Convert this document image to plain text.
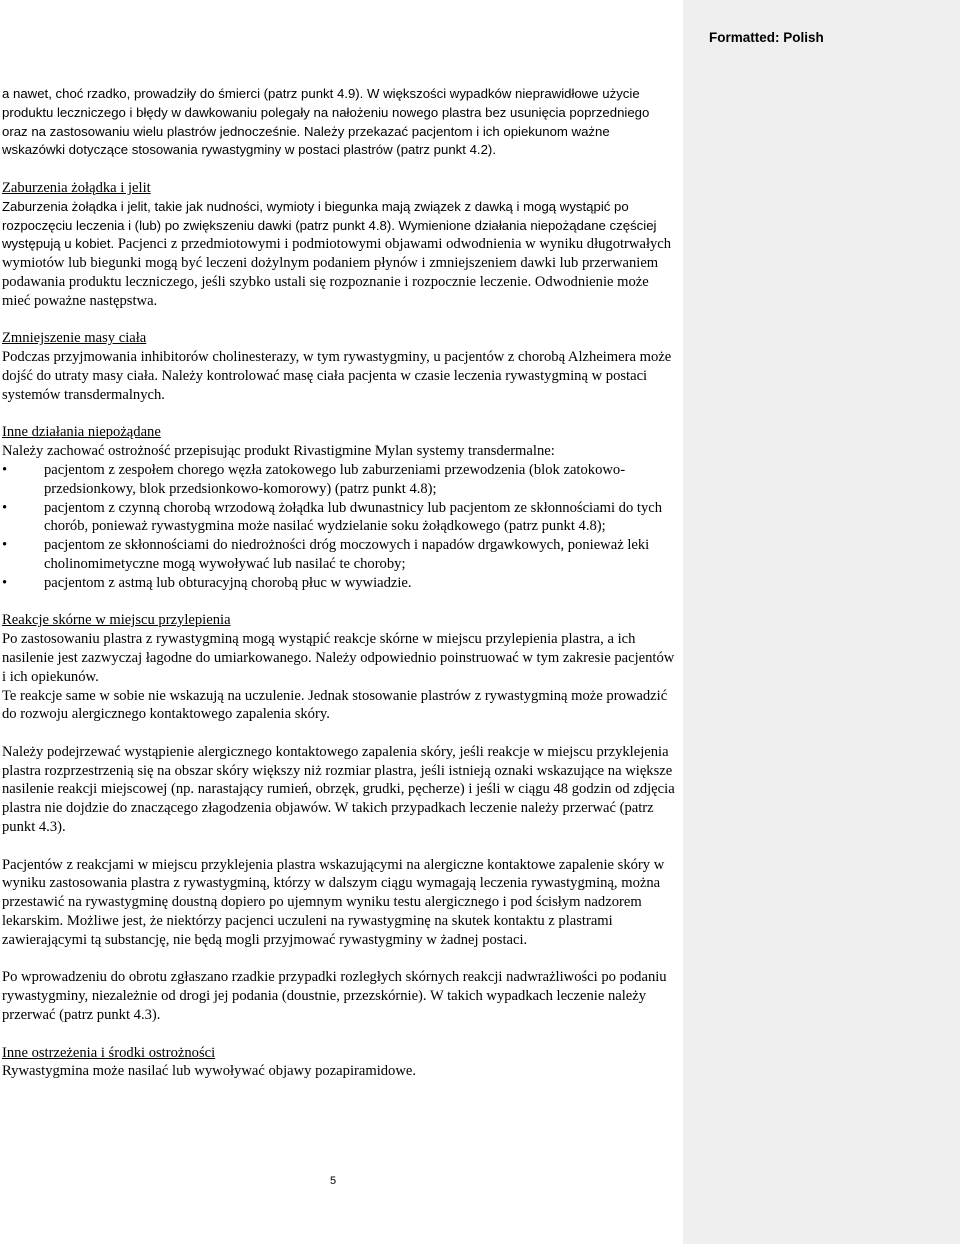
Formatted: Polish

a nawet, choć rzadko, prowadziły do śmierci (patrz punkt 4.9). W większości wypadków nieprawidłowe użycie produktu leczniczego i błędy w dawkowaniu polegały na nałożeniu nowego plastra bez usunięcia poprzedniego oraz na zastosowaniu wielu plastrów jednocześnie. Należy przekazać pacjentom i ich opiekunom ważne wskazówki dotyczące stosowania rywastygminy w postaci plastrów (patrz punkt 4.2).

Zaburzenia żołądka i jelit

Zaburzenia żołądka i jelit, takie jak nudności, wymioty i biegunka mają związek z dawką i mogą wystąpić po rozpoczęciu leczenia i (lub) po zwiększeniu dawki (patrz punkt 4.8). Wymienione działania niepożądane częściej występują u kobiet. Pacjenci z przedmiotowymi i podmiotowymi objawami odwodnienia w wyniku długotrwałych wymiotów lub biegunki mogą być leczeni dożylnym podaniem płynów i zmniejszeniem dawki lub przerwaniem podawania produktu leczniczego, jeśli szybko ustali się rozpoznanie i rozpocznie leczenie. Odwodnienie może mieć poważne następstwa.

Zmniejszenie masy ciała

Podczas przyjmowania inhibitorów cholinesterazy, w tym rywastygminy, u pacjentów z chorobą Alzheimera może dojść do utraty masy ciała. Należy kontrolować masę ciała pacjenta w czasie leczenia rywastygminą w postaci systemów transdermalnych.

Inne działania niepożądane

Należy zachować ostrożność przepisując produkt Rivastigmine Mylan systemy transdermalne:

•	pacjentom z zespołem chorego węzła zatokowego lub zaburzeniami przewodzenia (blok zatokowo-przedsionkowy, blok przedsionkowo-komorowy) (patrz punkt 4.8);
•	pacjentom z czynną chorobą wrzodową żołądka lub dwunastnicy lub pacjentom ze skłonnościami do tych chorób, ponieważ rywastygmina może nasilać wydzielanie soku żołądkowego (patrz punkt 4.8);
•	pacjentom ze skłonnościami do niedrożności dróg moczowych i napadów drgawkowych, ponieważ leki cholinomimetyczne mogą wywoływać lub nasilać te choroby;
•	pacjentom z astmą lub obturacyjną chorobą płuc w wywiadzie.

Reakcje skórne w miejscu przylepienia

Po zastosowaniu plastra z rywastygminą mogą wystąpić reakcje skórne w miejscu przylepienia plastra, a ich nasilenie jest zazwyczaj łagodne do umiarkowanego. Należy odpowiednio poinstruować w tym zakresie pacjentów i ich opiekunów.

Te reakcje same w sobie nie wskazują na uczulenie. Jednak stosowanie plastrów z rywastygminą może prowadzić do rozwoju alergicznego kontaktowego zapalenia skóry.

Należy podejrzewać wystąpienie alergicznego kontaktowego zapalenia skóry, jeśli reakcje w miejscu przyklejenia plastra rozprzestrzenią się na obszar skóry większy niż rozmiar plastra, jeśli istnieją oznaki wskazujące na większe nasilenie reakcji miejscowej (np. narastający rumień, obrzęk, grudki, pęcherze) i jeśli w ciągu 48 godzin od zdjęcia plastra nie dojdzie do znaczącego złagodzenia objawów. W takich przypadkach leczenie należy przerwać (patrz punkt 4.3).

Pacjentów z reakcjami w miejscu przyklejenia plastra wskazującymi na alergiczne kontaktowe zapalenie skóry w wyniku zastosowania plastra z rywastygminą, którzy w dalszym ciągu wymagają leczenia rywastygminą, można przestawić na rywastygminę doustną dopiero po ujemnym wyniku testu alergicznego i pod ścisłym nadzorem lekarskim. Możliwe jest, że niektórzy pacjenci uczuleni na rywastygminę na skutek kontaktu z plastrami zawierającymi tą substancję, nie będą mogli przyjmować rywastygminy w żadnej postaci.

Po wprowadzeniu do obrotu zgłaszano rzadkie przypadki rozległych skórnych reakcji nadwrażliwości po podaniu rywastygminy, niezależnie od drogi jej podania (doustnie, przezskórnie). W takich wypadkach leczenie należy przerwać (patrz punkt 4.3).

Inne ostrzeżenia i środki ostrożności

Rywastygmina może nasilać lub wywoływać objawy pozapiramidowe.

5
